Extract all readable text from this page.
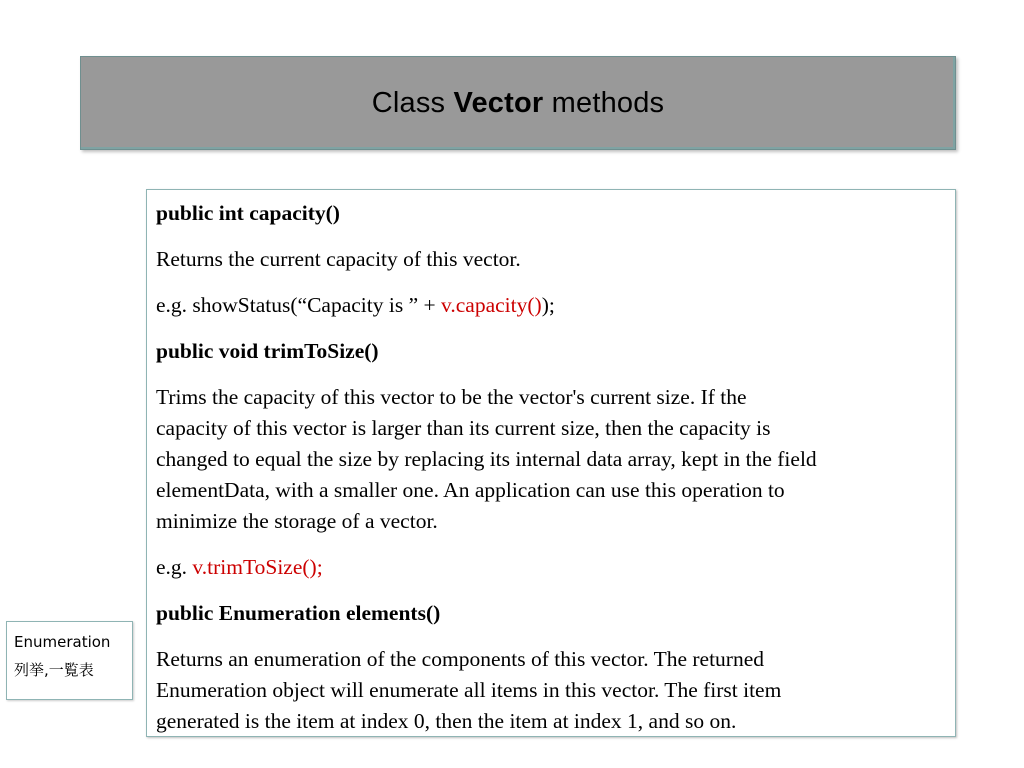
Class Vector methods

public int capacity()

Returns the current capacity of this vector.

e.g. showStatus(“Capacity is ” + v.capacity());

public void trimToSize()

Trims the capacity of this vector to be the vector's current size. If the
capacity of this vector is larger than its current size, then the capacity is
changed to equal the size by replacing its internal data array, kept in the field
elementData, with a smaller one. An application can use this operation to
minimize the storage of a vector.

e.g. v.trimToSize();

public Enumeration elements()

Returns an enumeration of the components of this vector. The returned
Enumeration object will enumerate all items in this vector. The first item
generated is the item at index 0, then the item at index 1, and so on.

Enumeration
列挙,一覧表
